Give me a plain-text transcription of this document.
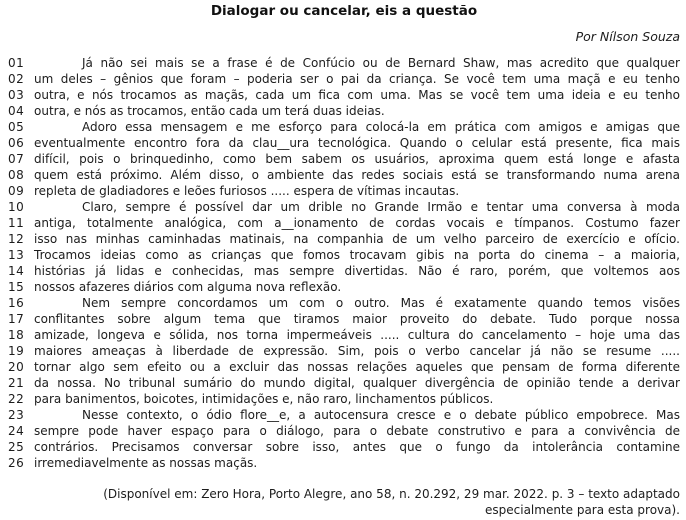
Dialogar ou cancelar, eis a questão
Por Nílson Souza
01	Já não sei mais se a frase é de Confúcio ou de Bernard Shaw, mas acredito que qualquer
02 um deles – gênios que foram – poderia ser o pai da criança. Se você tem uma maçã e eu tenho
03 outra, e nós trocamos as maçãs, cada um fica com uma. Mas se você tem uma ideia e eu tenho
04 outra, e nós as trocamos, então cada um terá duas ideias.
05	Adoro essa mensagem e me esforço para colocá-la em prática com amigos e amigas que
06 eventualmente encontro fora da clau__ura tecnológica. Quando o celular está presente, fica mais
07 difícil, pois o brinquedinho, como bem sabem os usuários, aproxima quem está longe e afasta
08 quem está próximo. Além disso, o ambiente das redes sociais está se transformando numa arena
09 repleta de gladiadores e leões furiosos ..... espera de vítimas incautas.
10	Claro, sempre é possível dar um drible no Grande Irmão e tentar uma conversa à moda
11 antiga, totalmente analógica, com a__ionamento de cordas vocais e tímpanos. Costumo fazer
12 isso nas minhas caminhadas matinais, na companhia de um velho parceiro de exercício e ofício.
13 Trocamos ideias como as crianças que fomos trocavam gibis na porta do cinema – a maioria,
14 histórias já lidas e conhecidas, mas sempre divertidas. Não é raro, porém, que voltemos aos
15 nossos afazeres diários com alguma nova reflexão.
16	Nem sempre concordamos um com o outro. Mas é exatamente quando temos visões
17 conflitantes sobre algum tema que tiramos maior proveito do debate. Tudo porque nossa
18 amizade, longeva e sólida, nos torna impermeáveis ..... cultura do cancelamento – hoje uma das
19 maiores ameaças à liberdade de expressão. Sim, pois o verbo cancelar já não se resume .....
20 tornar algo sem efeito ou a excluir das nossas relações aqueles que pensam de forma diferente
21 da nossa. No tribunal sumário do mundo digital, qualquer divergência de opinião tende a derivar
22 para banimentos, boicotes, intimidações e, não raro, linchamentos públicos.
23	Nesse contexto, o ódio flore__e, a autocensura cresce e o debate público empobrece. Mas
24 sempre pode haver espaço para o diálogo, para o debate construtivo e para a convivência de
25 contrários. Precisamos conversar sobre isso, antes que o fungo da intolerância contamine
26 irremediavelmente as nossas maçãs.
(Disponível em: Zero Hora, Porto Alegre, ano 58, n. 20.292, 29 mar. 2022. p. 3 – texto adaptado
especialmente para esta prova).
